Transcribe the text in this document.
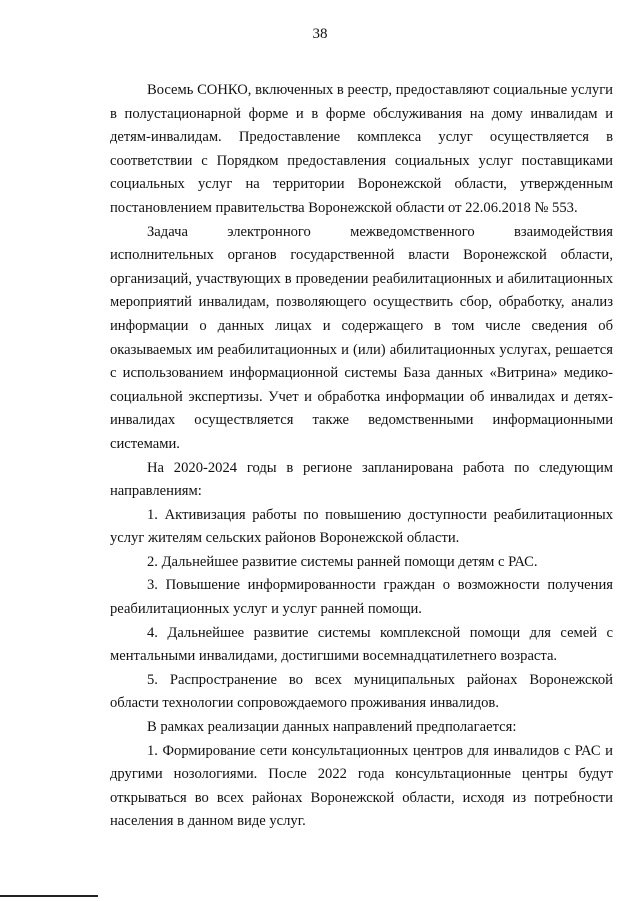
38

Восемь СОНКО, включенных в реестр, предоставляют социальные услуги в полустационарной форме и в форме обслуживания на дому инвалидам и детям-инвалидам. Предоставление комплекса услуг осуществляется в соответствии с Порядком предоставления социальных услуг поставщиками социальных услуг на территории Воронежской области, утвержденным постановлением правительства Воронежской области от 22.06.2018 № 553.

Задача электронного межведомственного взаимодействия исполнительных органов государственной власти Воронежской области, организаций, участвующих в проведении реабилитационных и абилитационных мероприятий инвалидам, позволяющего осуществить сбор, обработку, анализ информации о данных лицах и содержащего в том числе сведения об оказываемых им реабилитационных и (или) абилитационных услугах, решается с использованием информационной системы База данных «Витрина» медико-социальной экспертизы. Учет и обработка информации об инвалидах и детях-инвалидах осуществляется также ведомственными информационными системами.

На 2020-2024 годы в регионе запланирована работа по следующим направлениям:

1. Активизация работы по повышению доступности реабилитационных услуг жителям сельских районов Воронежской области.

2. Дальнейшее развитие системы ранней помощи детям с РАС.

3. Повышение информированности граждан о возможности получения реабилитационных услуг и услуг ранней помощи.

4. Дальнейшее развитие системы комплексной помощи для семей с ментальными инвалидами, достигшими восемнадцатилетнего возраста.

5. Распространение во всех муниципальных районах Воронежской области технологии сопровождаемого проживания инвалидов.

В рамках реализации данных направлений предполагается:

1. Формирование сети консультационных центров для инвалидов с РАС и другими нозологиями. После 2022 года консультационные центры будут открываться во всех районах Воронежской области, исходя из потребности населения в данном виде услуг.
